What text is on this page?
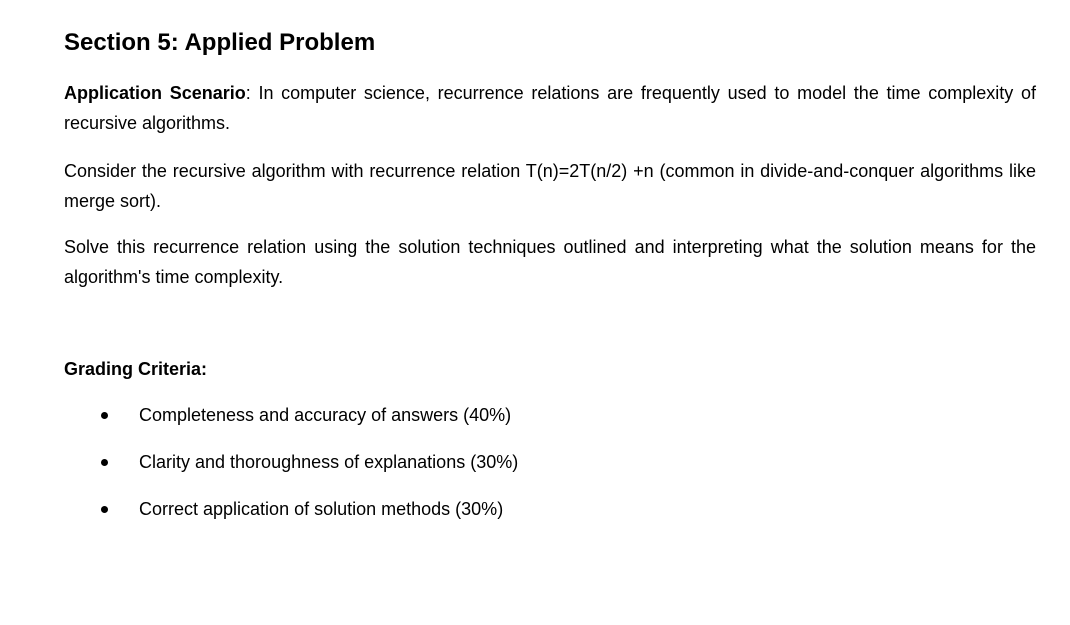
Section 5: Applied Problem

Application Scenario: In computer science, recurrence relations are frequently used to model the time complexity of recursive algorithms.

Consider the recursive algorithm with recurrence relation T(n)=2T(n/2) +n (common in divide-and-conquer algorithms like merge sort).

Solve this recurrence relation using the solution techniques outlined and interpreting what the solution means for the algorithm's time complexity.

Grading Criteria:
Completeness and accuracy of answers (40%)
Clarity and thoroughness of explanations (30%)
Correct application of solution methods (30%)
